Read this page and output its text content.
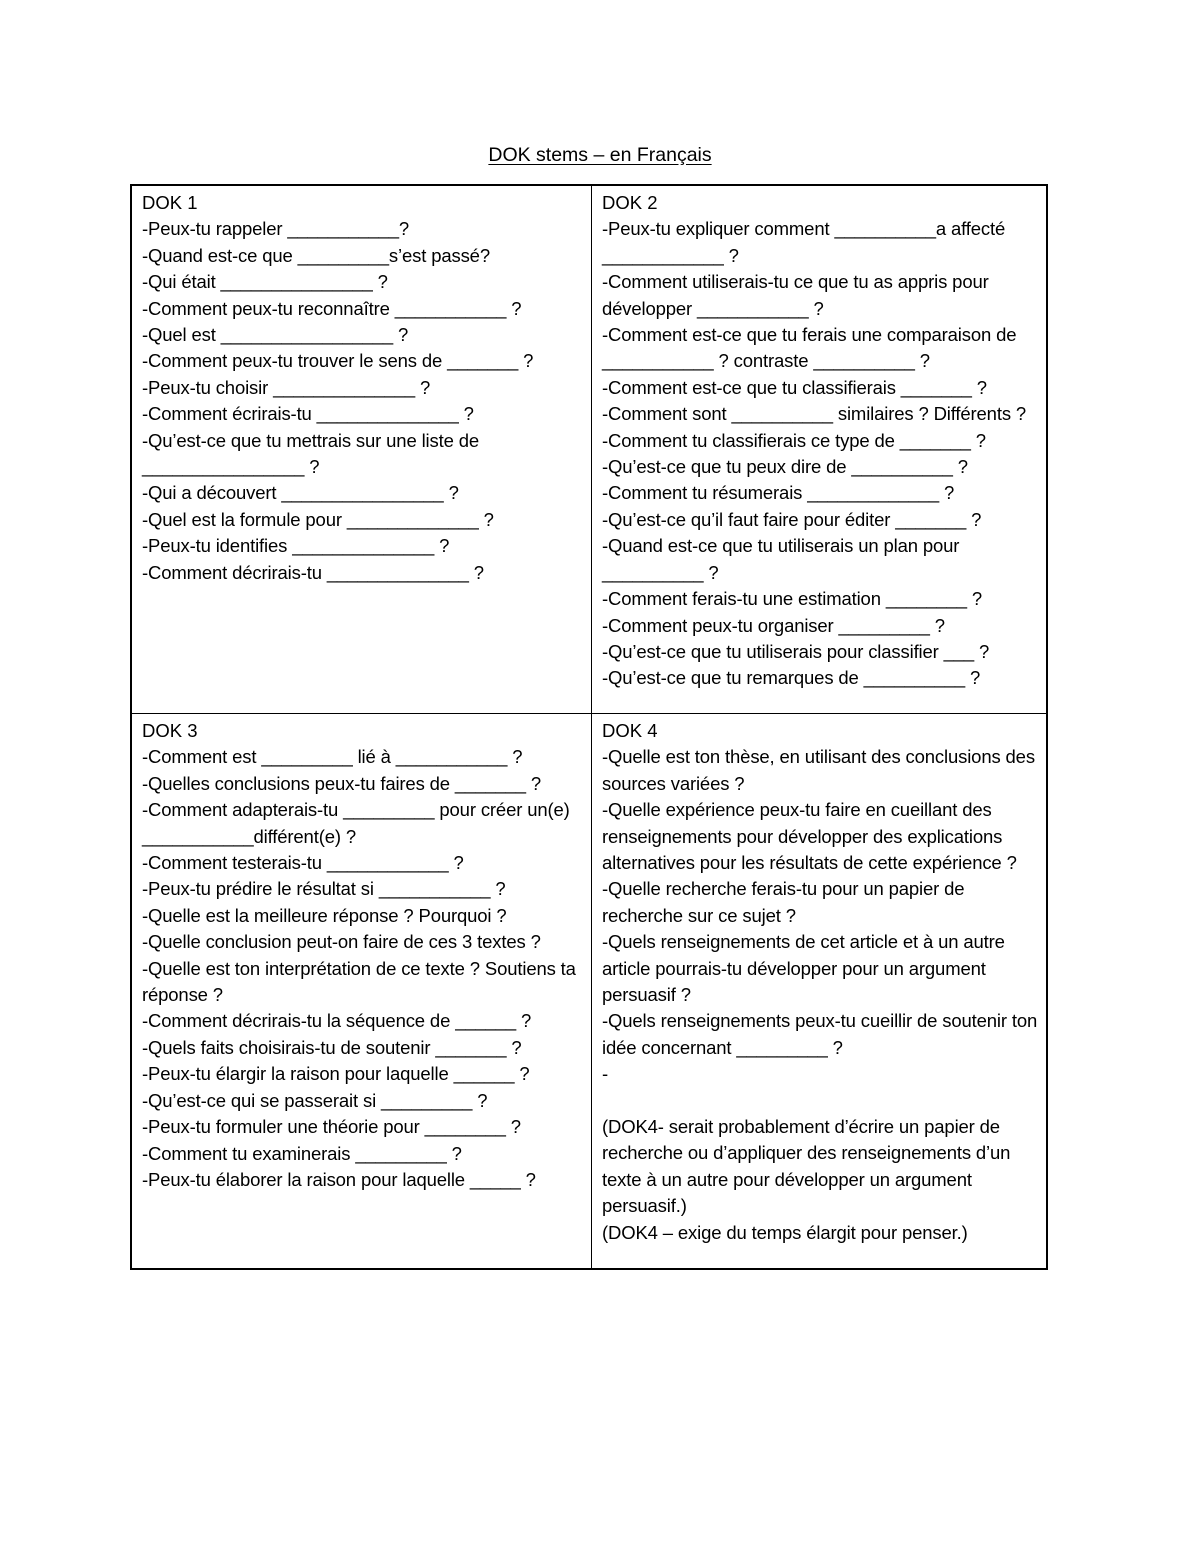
DOK stems – en Français
DOK 1
-Peux-tu rappeler ___________?
-Quand est-ce que _________s’est passé?
-Qui était _______________ ?
-Comment peux-tu reconnaître ___________ ?
-Quel est _________________ ?
-Comment peux-tu trouver le sens de _______ ?
-Peux-tu choisir ______________ ?
-Comment écrirais-tu ______________ ?
-Qu’est-ce que tu mettrais sur une liste de ________________ ?
-Qui a découvert ________________ ?
-Quel est la formule pour _____________ ?
-Peux-tu identifies ______________ ?
-Comment décrirais-tu ______________ ?
DOK 2
-Peux-tu expliquer comment __________a affecté ____________ ?
-Comment utiliserais-tu ce que tu as appris pour développer ___________ ?
-Comment est-ce que tu ferais une comparaison de ___________ ? contraste __________ ?
-Comment est-ce que tu classifierais _______ ?
-Comment sont __________ similaires ? Différents ?
-Comment tu classifierais ce type de _______ ?
-Qu’est-ce que tu peux dire de __________ ?
-Comment tu résumerais _____________ ?
-Qu’est-ce qu’il faut faire pour éditer _______ ?
-Quand est-ce que tu utiliserais un plan pour __________ ?
-Comment ferais-tu une estimation ________ ?
-Comment peux-tu organiser _________ ?
-Qu’est-ce que tu utiliserais pour classifier ___ ?
-Qu’est-ce que tu remarques de __________ ?
DOK 3
-Comment est _________ lié à ___________ ?
-Quelles conclusions peux-tu faires de _______ ?
-Comment adapterais-tu _________ pour créer un(e) ___________différent(e) ?
-Comment testerais-tu ____________ ?
-Peux-tu prédire le résultat si ___________ ?
-Quelle est la meilleure réponse ? Pourquoi ?
-Quelle conclusion peut-on faire de ces 3 textes ?
-Quelle est ton interprétation de ce texte ? Soutiens ta réponse ?
-Comment décrirais-tu la séquence de ______ ?
-Quels faits choisirais-tu de soutenir _______ ?
-Peux-tu élargir la raison pour laquelle ______ ?
-Qu’est-ce qui se passerait si _________ ?
-Peux-tu formuler une théorie pour ________ ?
-Comment tu examinerais _________ ?
-Peux-tu élaborer la raison pour laquelle _____ ?
DOK 4
-Quelle est ton thèse, en utilisant des conclusions des sources variées ?
-Quelle expérience peux-tu faire en cueillant des renseignements pour développer des explications alternatives pour les résultats de cette expérience ?
-Quelle recherche ferais-tu pour un papier de recherche sur ce sujet ?
-Quels renseignements de cet article et à un autre article pourrais-tu développer pour un argument persuasif ?
-Quels renseignements peux-tu cueillir de soutenir ton idée concernant _________ ?
-
(DOK4- serait probablement d’écrire un papier de recherche ou d’appliquer des renseignements d’un texte à un autre pour développer un argument persuasif.)
(DOK4 – exige du temps élargit pour penser.)
